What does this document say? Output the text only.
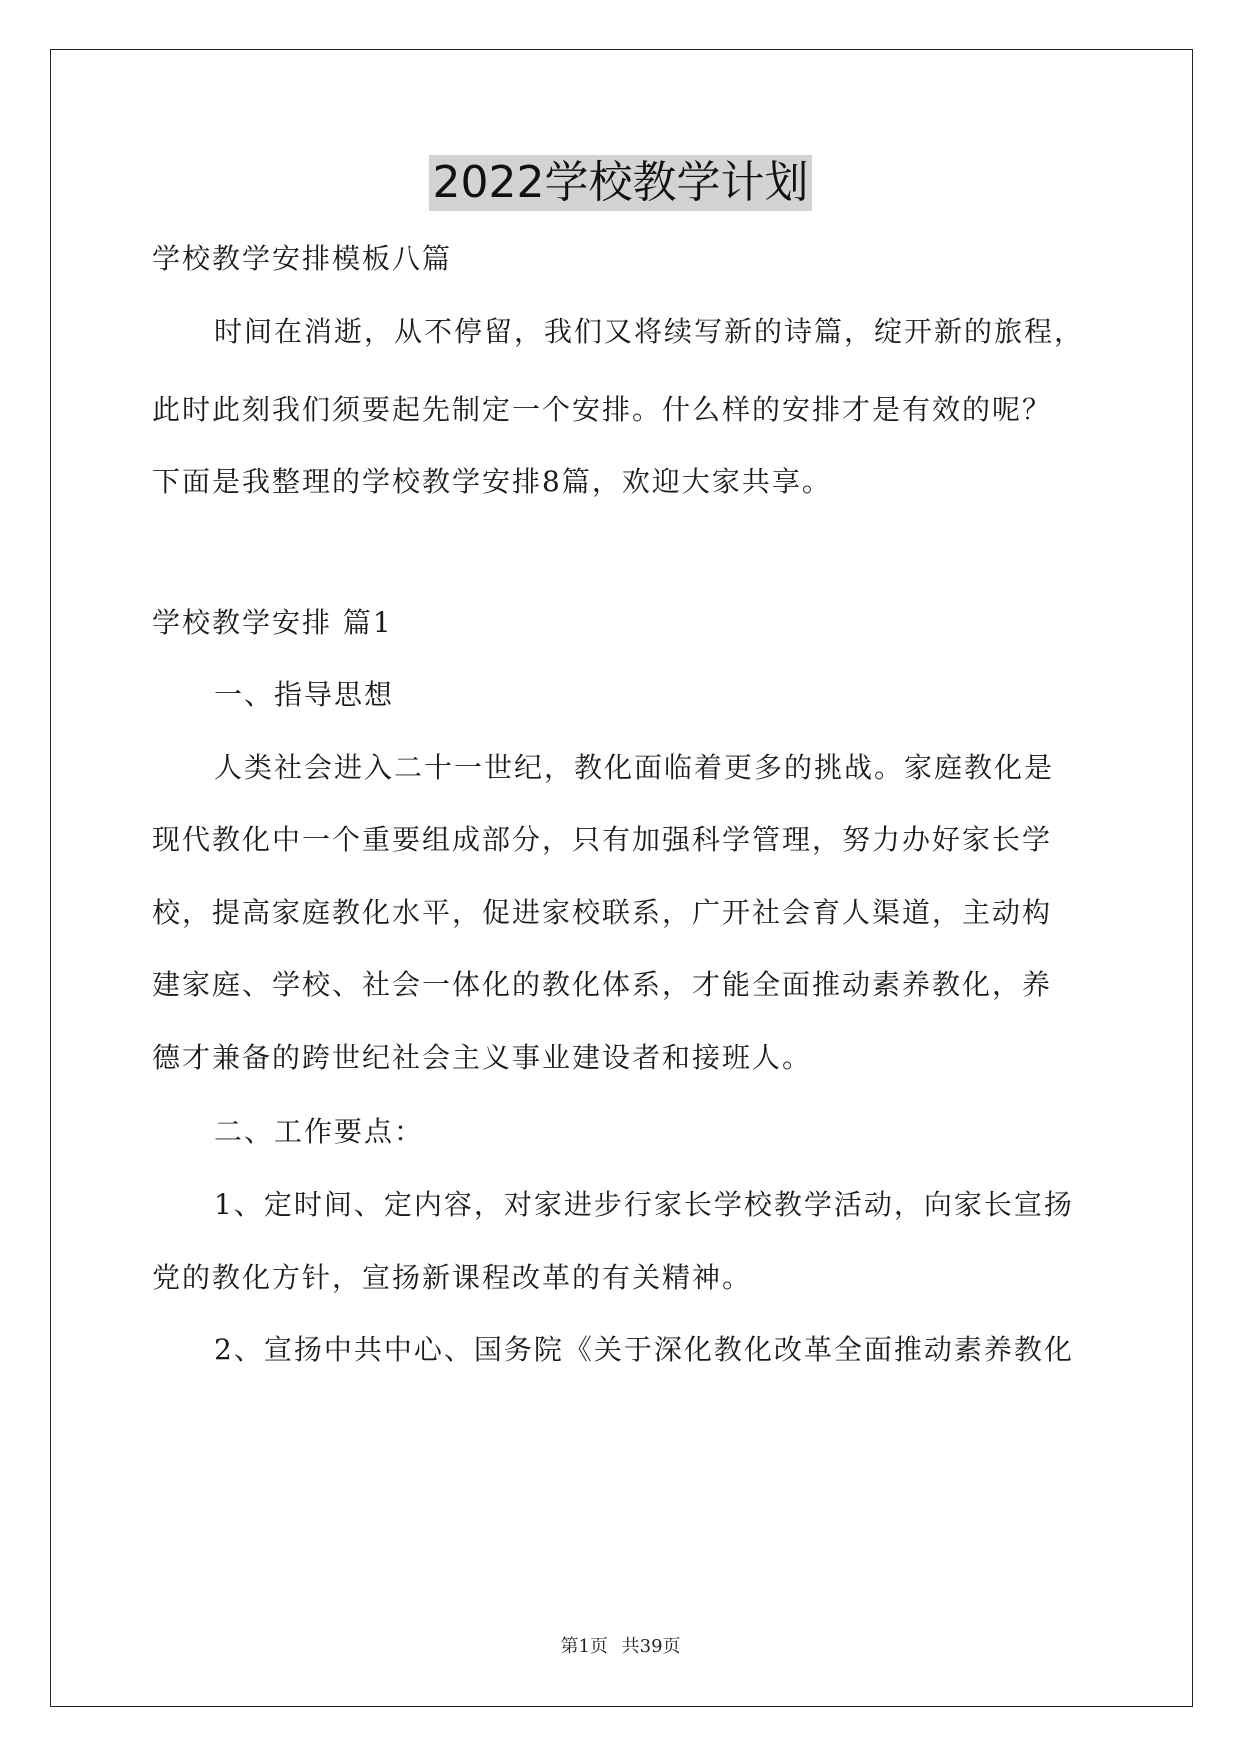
2022学校教学计划

学校教学安排模板八篇

时间在消逝，从不停留，我们又将续写新的诗篇，绽开新的旅程，

此时此刻我们须要起先制定一个安排。什么样的安排才是有效的呢？

下面是我整理的学校教学安排8篇，欢迎大家共享。

学校教学安排 篇1

一、指导思想

人类社会进入二十一世纪，教化面临着更多的挑战。家庭教化是

现代教化中一个重要组成部分，只有加强科学管理，努力办好家长学

校，提高家庭教化水平，促进家校联系，广开社会育人渠道，主动构

建家庭、学校、社会一体化的教化体系，才能全面推动素养教化，养

德才兼备的跨世纪社会主义事业建设者和接班人。

二、工作要点：

1、定时间、定内容，对家进步行家长学校教学活动，向家长宣扬

党的教化方针，宣扬新课程改革的有关精神。

2、宣扬中共中心、国务院《关于深化教化改革全面推动素养教化

第1页 共39页
